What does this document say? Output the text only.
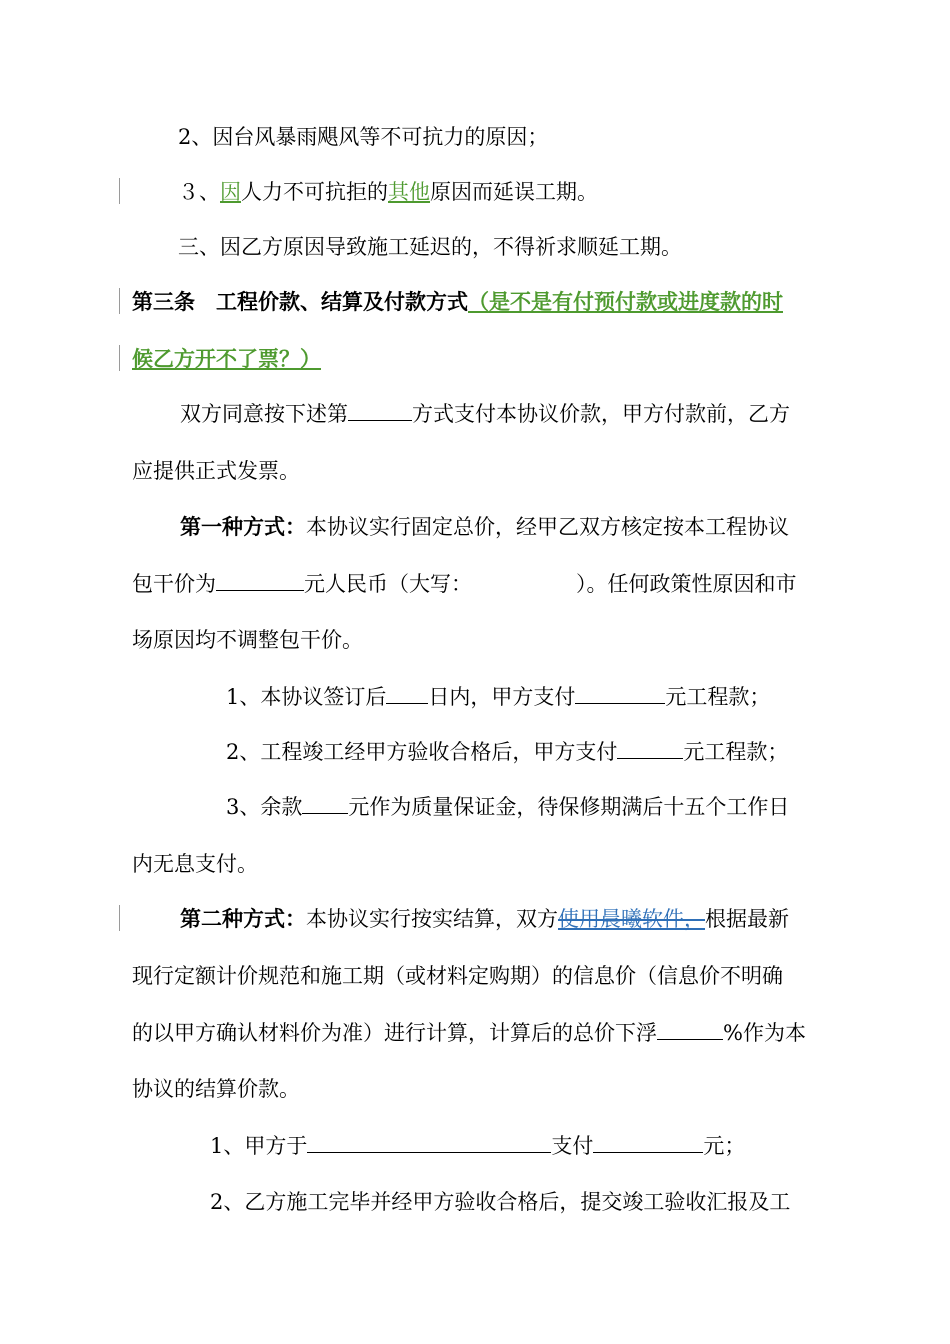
2、因台风暴雨飓风等不可抗力的原因；
３、因人力不可抗拒的其他原因而延误工期。
三、因乙方原因导致施工延迟的，不得祈求顺延工期。
第三条　工程价款、结算及付款方式（是不是有付预付款或进度款的时
候乙方开不了票？）
双方同意按下述第	方式支付本协议价款，甲方付款前，乙方
应提供正式发票。
第一种方式：本协议实行固定总价，经甲乙双方核定按本工程协议
包干价为	元人民币（大写：	）。任何政策性原因和市
场原因均不调整包干价。
1、本协议签订后 日内，甲方支付	元工程款；
2、工程竣工经甲方验收合格后，甲方支付	元工程款；
3、余款 元作为质量保证金，待保修期满后十五个工作日
内无息支付。
第二种方式：本协议实行按实结算，双方使用晨曦软件，根据最新
现行定额计价规范和施工期（或材料定购期）的信息价（信息价不明确
的以甲方确认材料价为准）进行计算，计算后的总价下浮	%作为本
协议的结算价款。
1、甲方于	支付	元；
2、乙方施工完毕并经甲方验收合格后，提交竣工验收汇报及工
